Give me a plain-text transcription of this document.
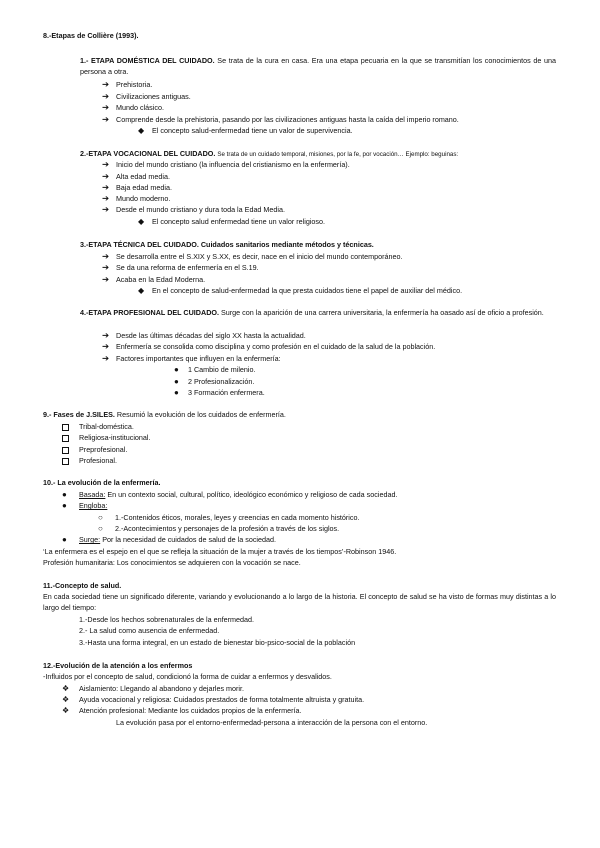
8.-Etapas de Collière (1993).
1.- ETAPA DOMÉSTICA DEL CUIDADO. Se trata de la cura en casa. Era una etapa pecuaria en la que se transmitían los conocimientos de una persona a otra.
➔ Prehistoria.
➔ Civilizaciones antiguas.
➔ Mundo clásico.
➔ Comprende desde la prehistoria, pasando por las civilizaciones antiguas hasta la caída del imperio romano.
◆ El concepto salud-enfermedad tiene un valor de supervivencia.
2.-ETAPA VOCACIONAL DEL CUIDADO. Se trata de un cuidado temporal, misiones, por la fe, por vocación… Ejemplo: beguinas:
➔ Inicio del mundo cristiano (la influencia del cristianismo en la enfermería).
➔ Alta edad media.
➔ Baja edad media.
➔ Mundo moderno.
➔ Desde el mundo cristiano y dura toda la Edad Media.
◆ El concepto salud enfermedad tiene un valor religioso.
3.-ETAPA TÉCNICA DEL CUIDADO. Cuidados sanitarios mediante métodos y técnicas.
➔ Se desarrolla entre el S.XIX y S.XX, es decir, nace en el inicio del mundo contemporáneo.
➔ Se da una reforma de enfermería en el S.19.
➔ Acaba en la Edad Moderna.
◆ En el concepto de salud-enfermedad la que presta cuidados tiene el papel de auxiliar del médico.
4.-ETAPA PROFESIONAL DEL CUIDADO. Surge con la aparición de una carrera universitaria, la enfermería ha oasado así de oficio a profesión.
➔ Desde las últimas décadas del siglo XX hasta la actualidad.
➔ Enfermería se consolida como disciplina y como profesión en el cuidado de la salud de la población.
➔ Factores importantes que influyen en la enfermería:
● 1 Cambio de milenio.
● 2 Profesionalización.
● 3 Formación enfermera.
9.- Fases de J.SILES. Resumió la evolución de los cuidados de enfermería.
Tribal-doméstica.
Religiosa-institucional.
Preprofesional.
Profesional.
10.- La evolución de la enfermería.
● Basada: En un contexto social, cultural, político, ideológico económico y religioso de cada sociedad.
● Engloba:
○ 1.-Contenidos éticos, morales, leyes y creencias en cada momento histórico.
○ 2.-Acontecimientos y personajes de la profesión a través de los siglos.
● Surge: Por la necesidad de cuidados de salud de la sociedad.
‘La enfermera es el espejo en el que se refleja la situación de la mujer a través de los tiempos’-Robinson 1946.
Profesión humanitaria: Los conocimientos se adquieren con la vocación se nace.
11.-Concepto de salud.
En cada sociedad tiene un significado diferente, variando y evolucionando a lo largo de la historia. El concepto de salud se ha visto de formas muy distintas a lo largo del tiempo:
1.-Desde los hechos sobrenaturales de la enfermedad.
2.- La salud como ausencia de enfermedad.
3.-Hasta una forma integral, en un estado de bienestar bio-psico-social de la población
12.-Evolución de la atención a los enfermos
-Influidos por el concepto de salud, condicionó la forma de cuidar a enfermos y desvalidos.
❖ Aislamiento: Llegando al abandono y dejarles morir.
❖ Ayuda vocacional y religiosa: Cuidados prestados de forma totalmente altruista y gratuita.
❖ Atención profesional: Mediante los cuidados propios de la enfermería.
La evolución pasa por el entorno-enfermedad-persona a interacción de la persona con el entorno.
